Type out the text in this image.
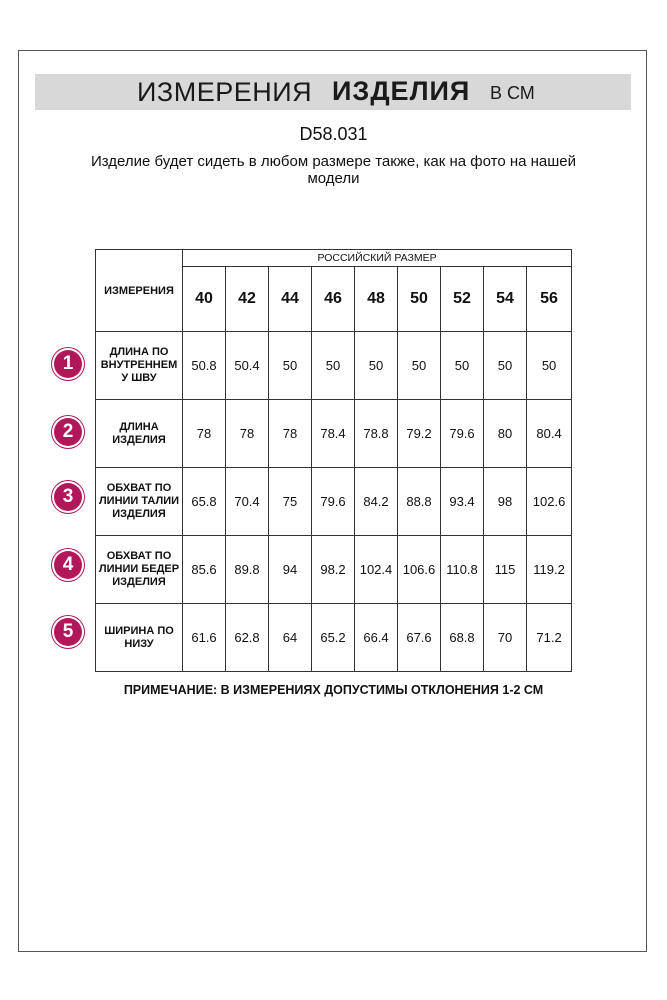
ИЗМЕРЕНИЯ ИЗДЕЛИЯ В СМ
D58.031
Изделие будет сидеть в любом размере также, как на фото на нашей модели
ИЗМЕРЕНИЯ	РОССИЙСКИЙ РАЗМЕР								
	40	42	44	46	48	50	52	54	56
ДЛИНА ПО ВНУТРЕННЕМ У ШВУ	50.8	50.4	50	50	50	50	50	50	50
ДЛИНА ИЗДЕЛИЯ	78	78	78	78.4	78.8	79.2	79.6	80	80.4
ОБХВАТ ПО ЛИНИИ ТАЛИИ ИЗДЕЛИЯ	65.8	70.4	75	79.6	84.2	88.8	93.4	98	102.6
ОБХВАТ ПО ЛИНИИ БЕДЕР ИЗДЕЛИЯ	85.6	89.8	94	98.2	102.4	106.6	110.8	115	119.2
ШИРИНА ПО НИЗУ	61.6	62.8	64	65.2	66.4	67.6	68.8	70	71.2
1
2
3
4
5
ПРИМЕЧАНИЕ: В ИЗМЕРЕНИЯХ ДОПУСТИМЫ ОТКЛОНЕНИЯ 1-2 СМ
